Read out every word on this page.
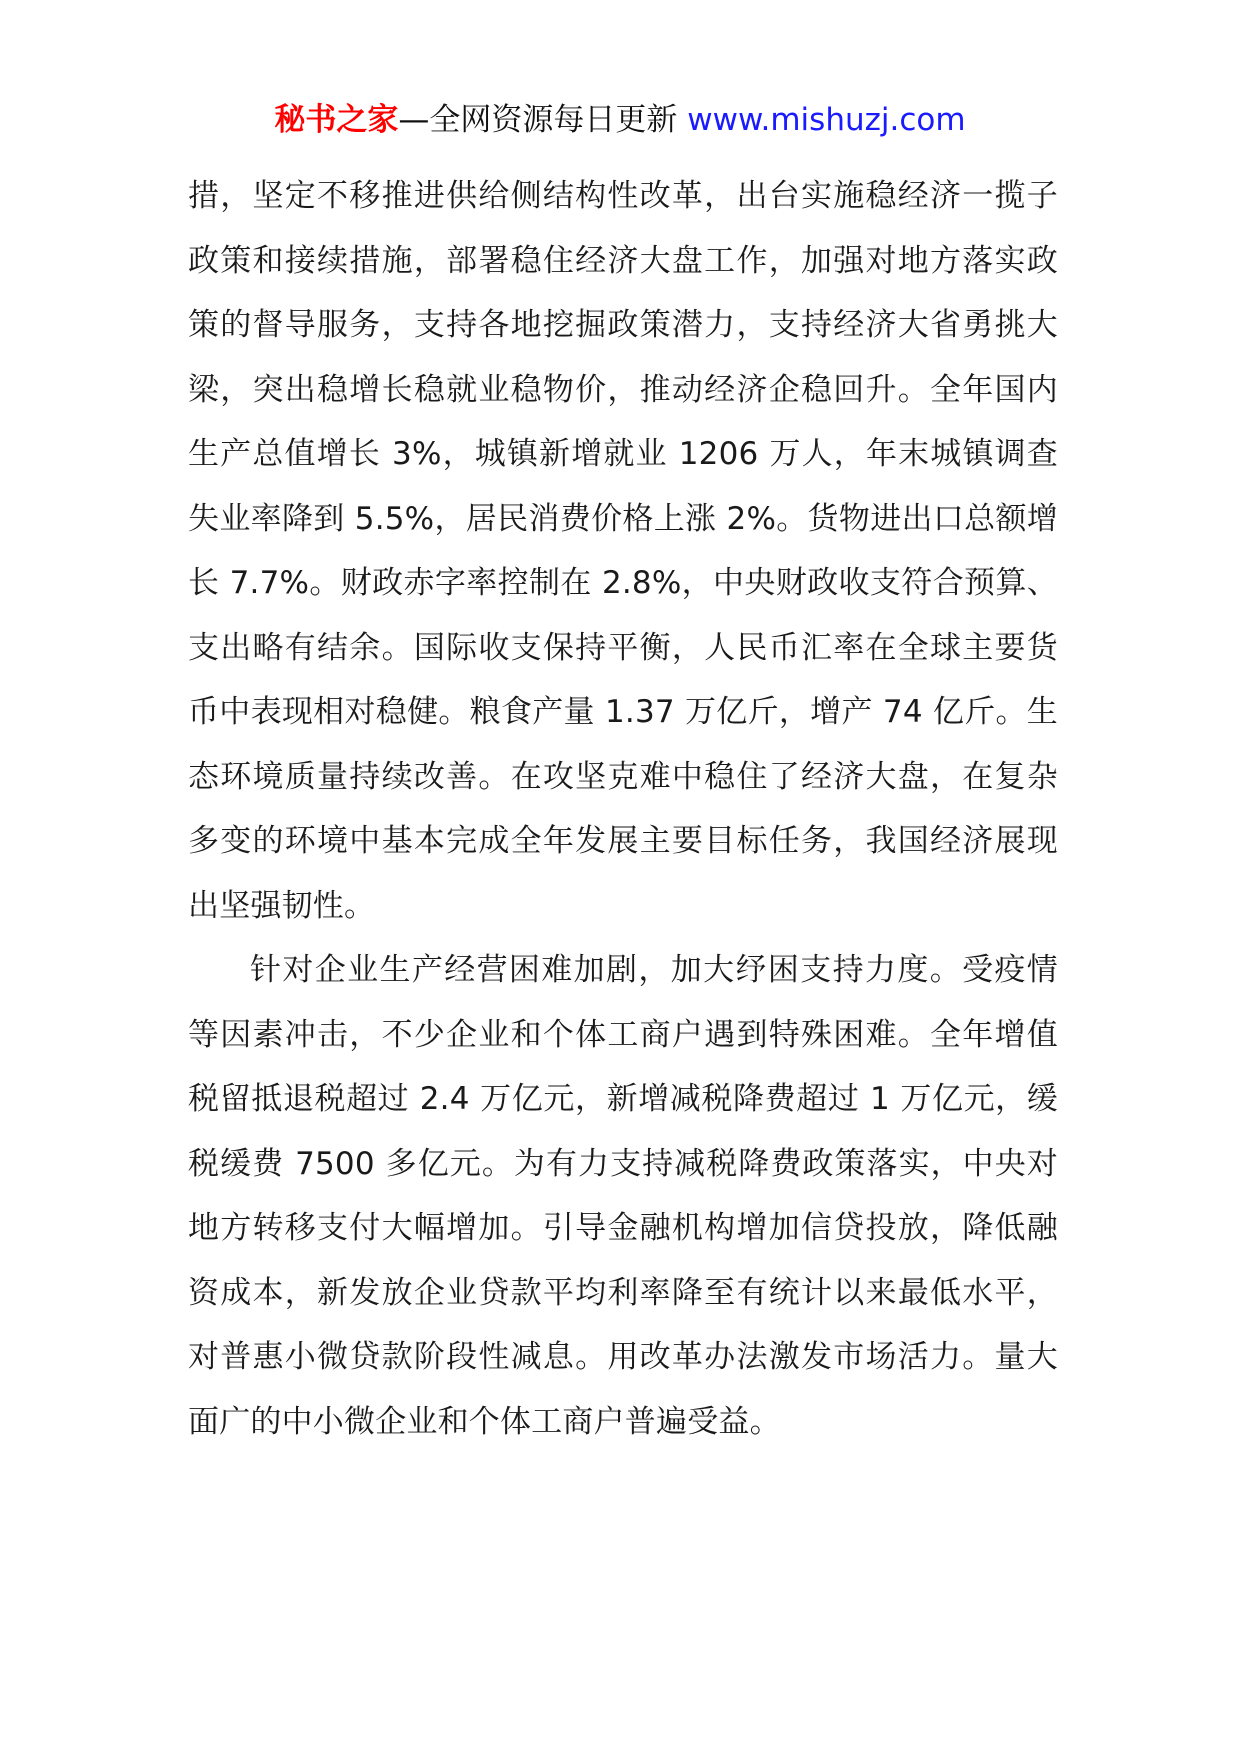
秘书之家—全网资源每日更新 www.mishuzj.com

措，坚定不移推进供给侧结构性改革，出台实施稳经济一揽子政策和接续措施，部署稳住经济大盘工作，加强对地方落实政策的督导服务，支持各地挖掘政策潜力，支持经济大省勇挑大梁，突出稳增长稳就业稳物价，推动经济企稳回升。全年国内生产总值增长 3%，城镇新增就业 1206 万人，年末城镇调查失业率降到 5.5%，居民消费价格上涨 2%。货物进出口总额增长 7.7%。财政赤字率控制在 2.8%，中央财政收支符合预算、支出略有结余。国际收支保持平衡，人民币汇率在全球主要货币中表现相对稳健。粮食产量 1.37 万亿斤，增产 74 亿斤。生态环境质量持续改善。在攻坚克难中稳住了经济大盘，在复杂多变的环境中基本完成全年发展主要目标任务，我国经济展现出坚强韧性。

针对企业生产经营困难加剧，加大纾困支持力度。受疫情等因素冲击，不少企业和个体工商户遇到特殊困难。全年增值税留抵退税超过 2.4 万亿元，新增减税降费超过 1 万亿元，缓税缓费 7500 多亿元。为有力支持减税降费政策落实，中央对地方转移支付大幅增加。引导金融机构增加信贷投放，降低融资成本，新发放企业贷款平均利率降至有统计以来最低水平，对普惠小微贷款阶段性减息。用改革办法激发市场活力。量大面广的中小微企业和个体工商户普遍受益。
